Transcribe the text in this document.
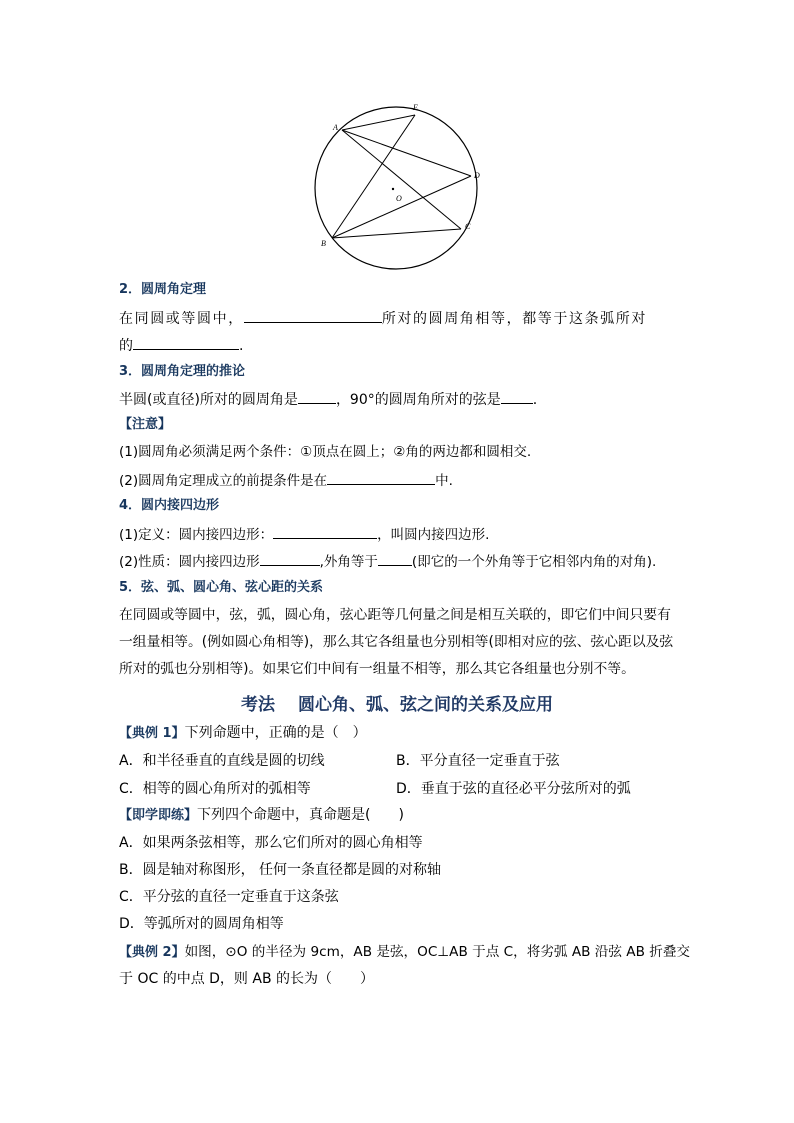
A
E
D
C
B
O
2．圆周角定理
在同圆或等圆中，	所对的圆周角相等，都等于这条弧所对
的	.
3．圆周角定理的推论
半圆(或直径)所对的圆周角是	，90°的圆周角所对的弦是 .
【注意】
(1)圆周角必须满足两个条件：①顶点在圆上；②角的两边都和圆相交.
(2)圆周角定理成立的前提条件是在	中.
4．圆内接四边形
(1)定义：圆内接四边形：	，叫圆内接四边形.
(2)性质：圆内接四边形	,外角等于	(即它的一个外角等于它相邻内角的对角).
5．弦、弧、圆心角、弦心距的关系
在同圆或等圆中，弦，弧，圆心角，弦心距等几何量之间是相互关联的，即它们中间只要有
一组量相等。(例如圆心角相等)，那么其它各组量也分别相等(即相对应的弦、弦心距以及弦
所对的弧也分别相等)。如果它们中间有一组量不相等，那么其它各组量也分别不等。
考法　 圆心角、弧、弦之间的关系及应用
【典例 1】下列命题中，正确的是（　）
A．和半径垂直的直线是圆的切线	B．平分直径一定垂直于弦
C．相等的圆心角所对的弧相等	D．垂直于弦的直径必平分弦所对的弧
【即学即练】下列四个命题中，真命题是(　　)
A．如果两条弦相等，那么它们所对的圆心角相等
B．圆是轴对称图形， 任何一条直径都是圆的对称轴
C．平分弦的直径一定垂直于这条弦
D．等弧所对的圆周角相等
【典例 2】如图，⊙O 的半径为 9cm，AB 是弦，OC⊥AB 于点 C，将劣弧 AB 沿弦 AB 折叠交
于 OC 的中点 D，则 AB 的长为（　　）
